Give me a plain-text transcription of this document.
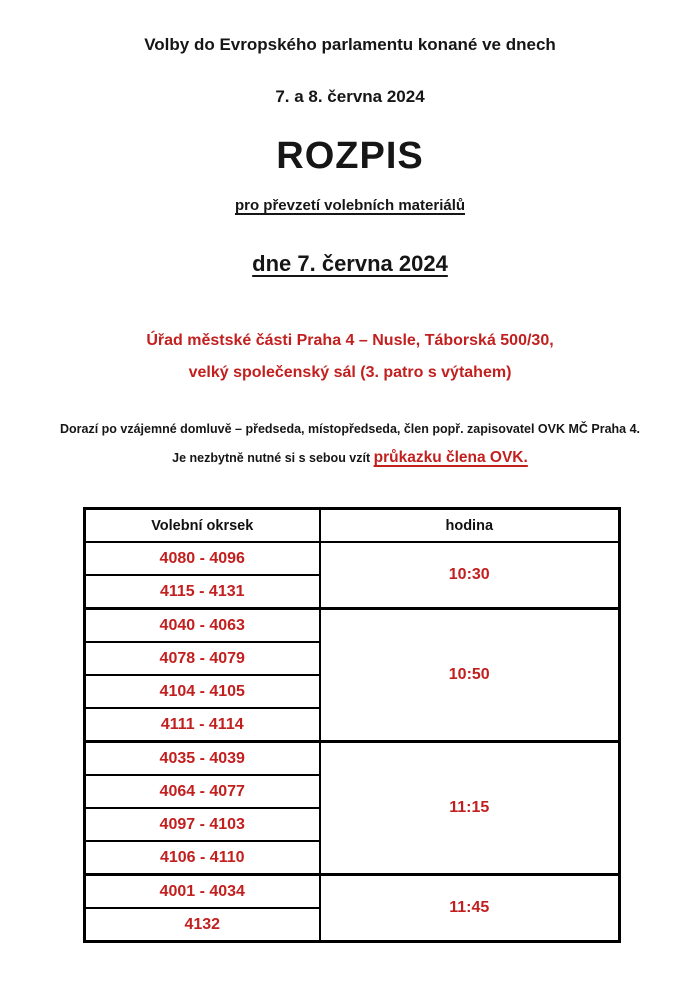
Volby do Evropského parlamentu konané ve dnech
7. a 8. června 2024
ROZPIS
pro převzetí volebních materiálů
dne 7. června 2024
Úřad městské části Praha 4 – Nusle, Táborská 500/30,
velký společenský sál (3. patro s výtahem)
Dorazí po vzájemné domluvě – předseda, místopředseda, člen popř. zapisovatel OVK MČ Praha 4.
Je nezbytně nutné si s sebou vzít průkazku člena OVK.
Volební okrsek	hodina
4080 - 4096	10:30
4115 - 4131	
4040 - 4063	10:50
4078 - 4079	
4104 - 4105	
4111 - 4114	
4035 - 4039	11:15
4064 - 4077	
4097 - 4103	
4106 - 4110	
4001 - 4034	11:45
4132	
